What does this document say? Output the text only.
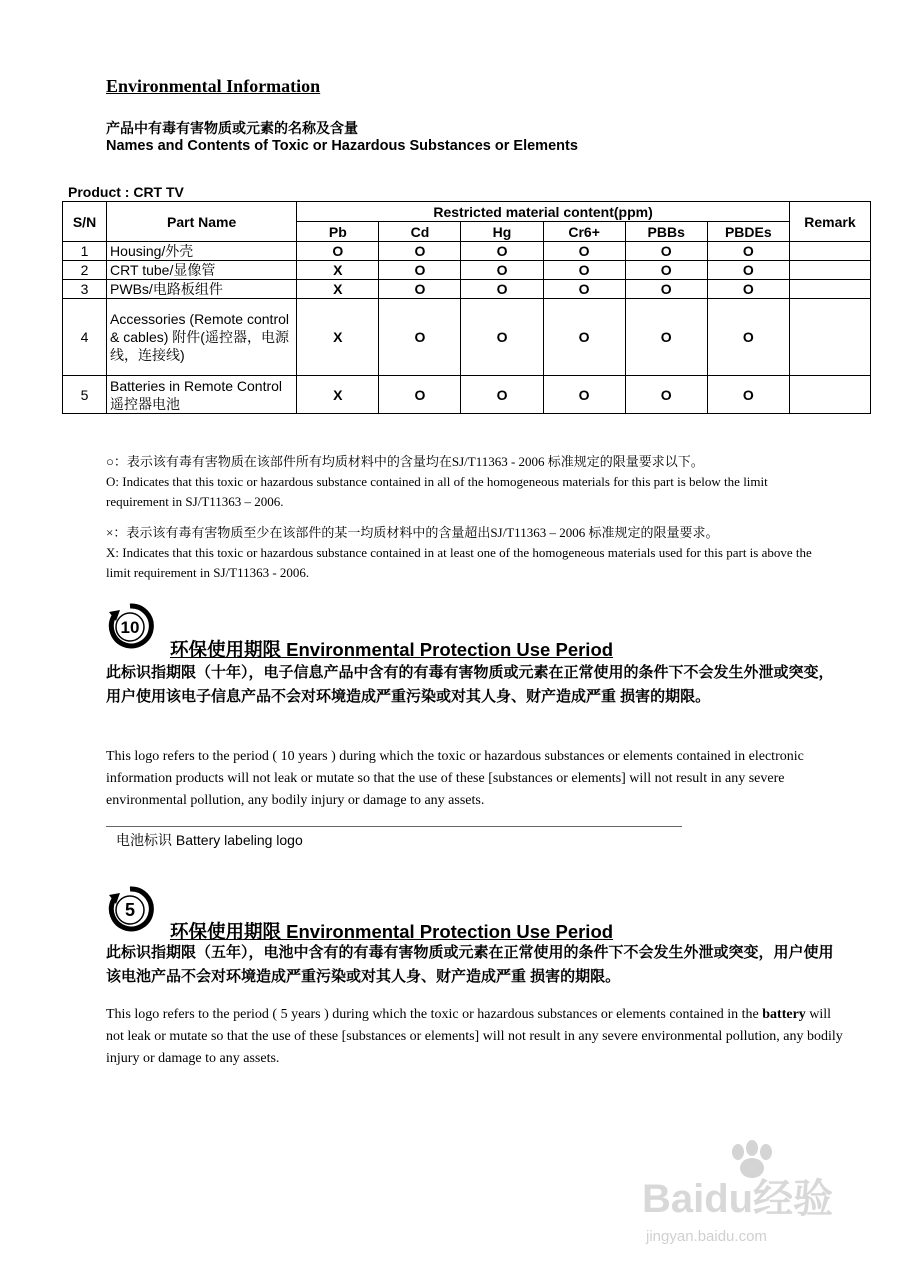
Environmental Information
产品中有毒有害物质或元素的名称及含量
Names and Contents of Toxic or Hazardous Substances or Elements
Product : CRT TV
S/N	Part Name	Restricted material content(ppm)						Remark
		Pb	Cd	Hg	Cr6+	PBBs	PBDEs	
1	Housing/外壳	O	O	O	O	O	O	
2	CRT tube/显像管	X	O	O	O	O	O	
3	PWBs/电路板组件	X	O	O	O	O	O	
4	Accessories (Remote control & cables) 附件(遥控器，电源线，连接线)	X	O	O	O	O	O	
5	Batteries in Remote Control 遥控器电池	X	O	O	O	O	O	
○：表示该有毒有害物质在该部件所有均质材料中的含量均在SJ/T11363 - 2006 标准规定的限量要求以下。
O: Indicates that this toxic or hazardous substance contained in all of the homogeneous materials for this part is below the limit requirement in SJ/T11363 – 2006.
×：表示该有毒有害物质至少在该部件的某一均质材料中的含量超出SJ/T11363 – 2006 标准规定的限量要求。
X: Indicates that this toxic or hazardous substance contained in at least one of the homogeneous materials used for this part is above the limit requirement in SJ/T11363 - 2006.
10
环保使用期限 Environmental Protection Use Period
此标识指期限（十年），电子信息产品中含有的有毒有害物质或元素在正常使用的条件下不会发生外泄或突变，用户使用该电子信息产品不会对环境造成严重污染或对其人身、财产造成严重 损害的期限。
This logo refers to the period ( 10 years ) during which the toxic or hazardous substances or elements contained in electronic information products will not leak or mutate so that the use of these [substances or elements] will not result in any severe environmental pollution, any bodily injury or damage to any assets.
电池标识 Battery labeling logo
5
环保使用期限 Environmental Protection Use Period
此标识指期限（五年），电池中含有的有毒有害物质或元素在正常使用的条件下不会发生外泄或突变，用户使用该电池产品不会对环境造成严重污染或对其人身、财产造成严重 损害的期限。
This logo refers to the period ( 5 years ) during which the toxic or hazardous substances or elements contained in the battery will not leak or mutate so that the use of these [substances or elements] will not result in any severe environmental pollution, any bodily injury or damage to any assets.
Baidu经验
jingyan.baidu.com
